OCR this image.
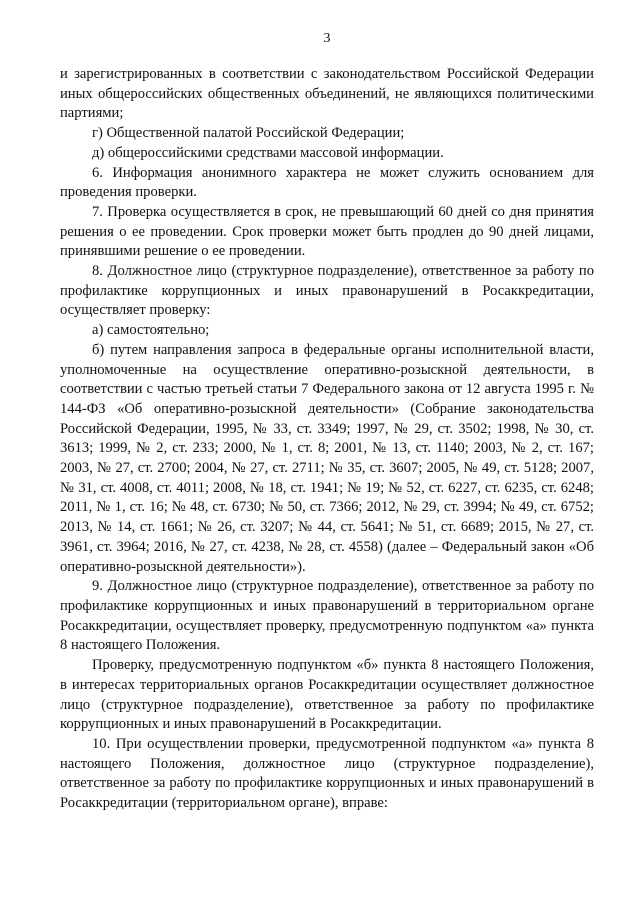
3

и зарегистрированных в соответствии с законодательством Российской Федерации иных общероссийских общественных объединений, не являющихся политическими партиями;

г) Общественной палатой Российской Федерации;

д) общероссийскими средствами массовой информации.

6. Информация анонимного характера не может служить основанием для проведения проверки.

7. Проверка осуществляется в срок, не превышающий 60 дней со дня принятия решения о ее проведении. Срок проверки может быть продлен до 90 дней лицами, принявшими решение о ее проведении.

8. Должностное лицо (структурное подразделение), ответственное за работу по профилактике коррупционных и иных правонарушений в Росаккредитации, осуществляет проверку:

а) самостоятельно;

б) путем направления запроса в федеральные органы исполнительной власти, уполномоченные на осуществление оперативно-розыскной деятельности, в соответствии с частью третьей статьи 7 Федерального закона от 12 августа 1995 г. № 144-ФЗ «Об оперативно-розыскной деятельности» (Собрание законодательства Российской Федерации, 1995, № 33, ст. 3349; 1997, № 29, ст. 3502; 1998, № 30, ст. 3613; 1999, № 2, ст. 233; 2000, № 1, ст. 8; 2001, № 13, ст. 1140; 2003, № 2, ст. 167; 2003, № 27, ст. 2700; 2004, № 27, ст. 2711; № 35, ст. 3607; 2005, № 49, ст. 5128; 2007, № 31, ст. 4008, ст. 4011; 2008, № 18, ст. 1941; № 19; № 52, ст. 6227, ст. 6235, ст. 6248; 2011, № 1, ст. 16; № 48, ст. 6730; № 50, ст. 7366; 2012, № 29, ст. 3994; № 49, ст. 6752; 2013, № 14, ст. 1661; № 26, ст. 3207; № 44, ст. 5641; № 51, ст. 6689; 2015, № 27, ст. 3961, ст. 3964; 2016, № 27, ст. 4238, № 28, ст. 4558) (далее – Федеральный закон «Об оперативно-розыскной деятельности»).

9. Должностное лицо (структурное подразделение), ответственное за работу по профилактике коррупционных и иных правонарушений в территориальном органе Росаккредитации, осуществляет проверку, предусмотренную подпунктом «а» пункта 8 настоящего Положения.

Проверку, предусмотренную подпунктом «б» пункта 8 настоящего Положения, в интересах территориальных органов Росаккредитации осуществляет должностное лицо (структурное подразделение), ответственное за работу по профилактике коррупционных и иных правонарушений в Росаккредитации.

10. При осуществлении проверки, предусмотренной подпунктом «а» пункта 8 настоящего Положения, должностное лицо (структурное подразделение), ответственное за работу по профилактике коррупционных и иных правонарушений в Росаккредитации (территориальном органе), вправе:
